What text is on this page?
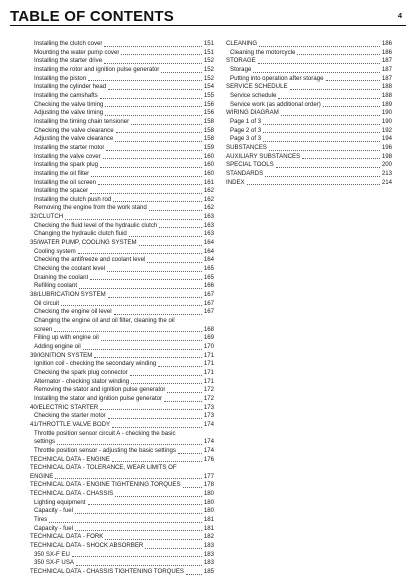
TABLE OF CONTENTS	4
Installing the clutch cover	151
Mounting the water pump cover	151
Installing the starter drive	152
Installing the rotor and ignition pulse generator	152
Installing the piston	152
Installing the cylinder head	154
Installing the camshafts	155
Checking the valve timing	156
Adjusting the valve timing	156
Installing the timing chain tensioner	158
Checking the valve clearance	158
Adjusting the valve clearance	158
Installing the starter motor	159
Installing the valve cover	160
Installing the spark plug	160
Installing the oil filter	160
Installing the oil screen	161
Installing the spacer	162
Installing the clutch push rod	162
Removing the engine from the work stand	162
32/CLUTCH	163
Checking the fluid level of the hydraulic clutch	163
Changing the hydraulic clutch fluid	163
35/WATER PUMP, COOLING SYSTEM	164
Cooling system	164
Checking the antifreeze and coolant level	164
Checking the coolant level	165
Draining the coolant	165
Refilling coolant	166
38/LUBRICATION SYSTEM	167
Oil circuit	167
Checking the engine oil level	167
Changing the engine oil and oil filter, cleaning the oil
screen	168
Filling up with engine oil	169
Adding engine oil	170
39/IGNITION SYSTEM	171
Ignition coil - checking the secondary winding	171
Checking the spark plug connector	171
Alternator - checking stator winding	171
Removing the stator and ignition pulse generator	172
Installing the stator and ignition pulse generator	172
40/ELECTRIC STARTER	173
Checking the starter motor	173
41/THROTTLE VALVE BODY	174
Throttle position sensor circuit A - checking the basic
settings	174
Throttle position sensor - adjusting the basic settings	174
TECHNICAL DATA - ENGINE	176
TECHNICAL DATA - TOLERANCE, WEAR LIMITS OF
ENGINE	177
TECHNICAL DATA - ENGINE TIGHTENING TORQUES	178
TECHNICAL DATA - CHASSIS	180
Lighting equipment	180
Capacity - fuel	180
Tires	181
Capacity - fuel	181
TECHNICAL DATA - FORK	182
TECHNICAL DATA - SHOCK ABSORBER	183
350 SX-F EU	183
350 SX-F USA	183
TECHNICAL DATA - CHASSIS TIGHTENING TORQUES	185
CLEANING	186
Cleaning the motorcycle	186
STORAGE	187
Storage	187
Putting into operation after storage	187
SERVICE SCHEDULE	188
Service schedule	188
Service work (as additional order)	189
WIRING DIAGRAM	190
Page 1 of 3	190
Page 2 of 3	192
Page 3 of 3	194
SUBSTANCES	196
AUXILIARY SUBSTANCES	198
SPECIAL TOOLS	200
STANDARDS	213
INDEX	214
